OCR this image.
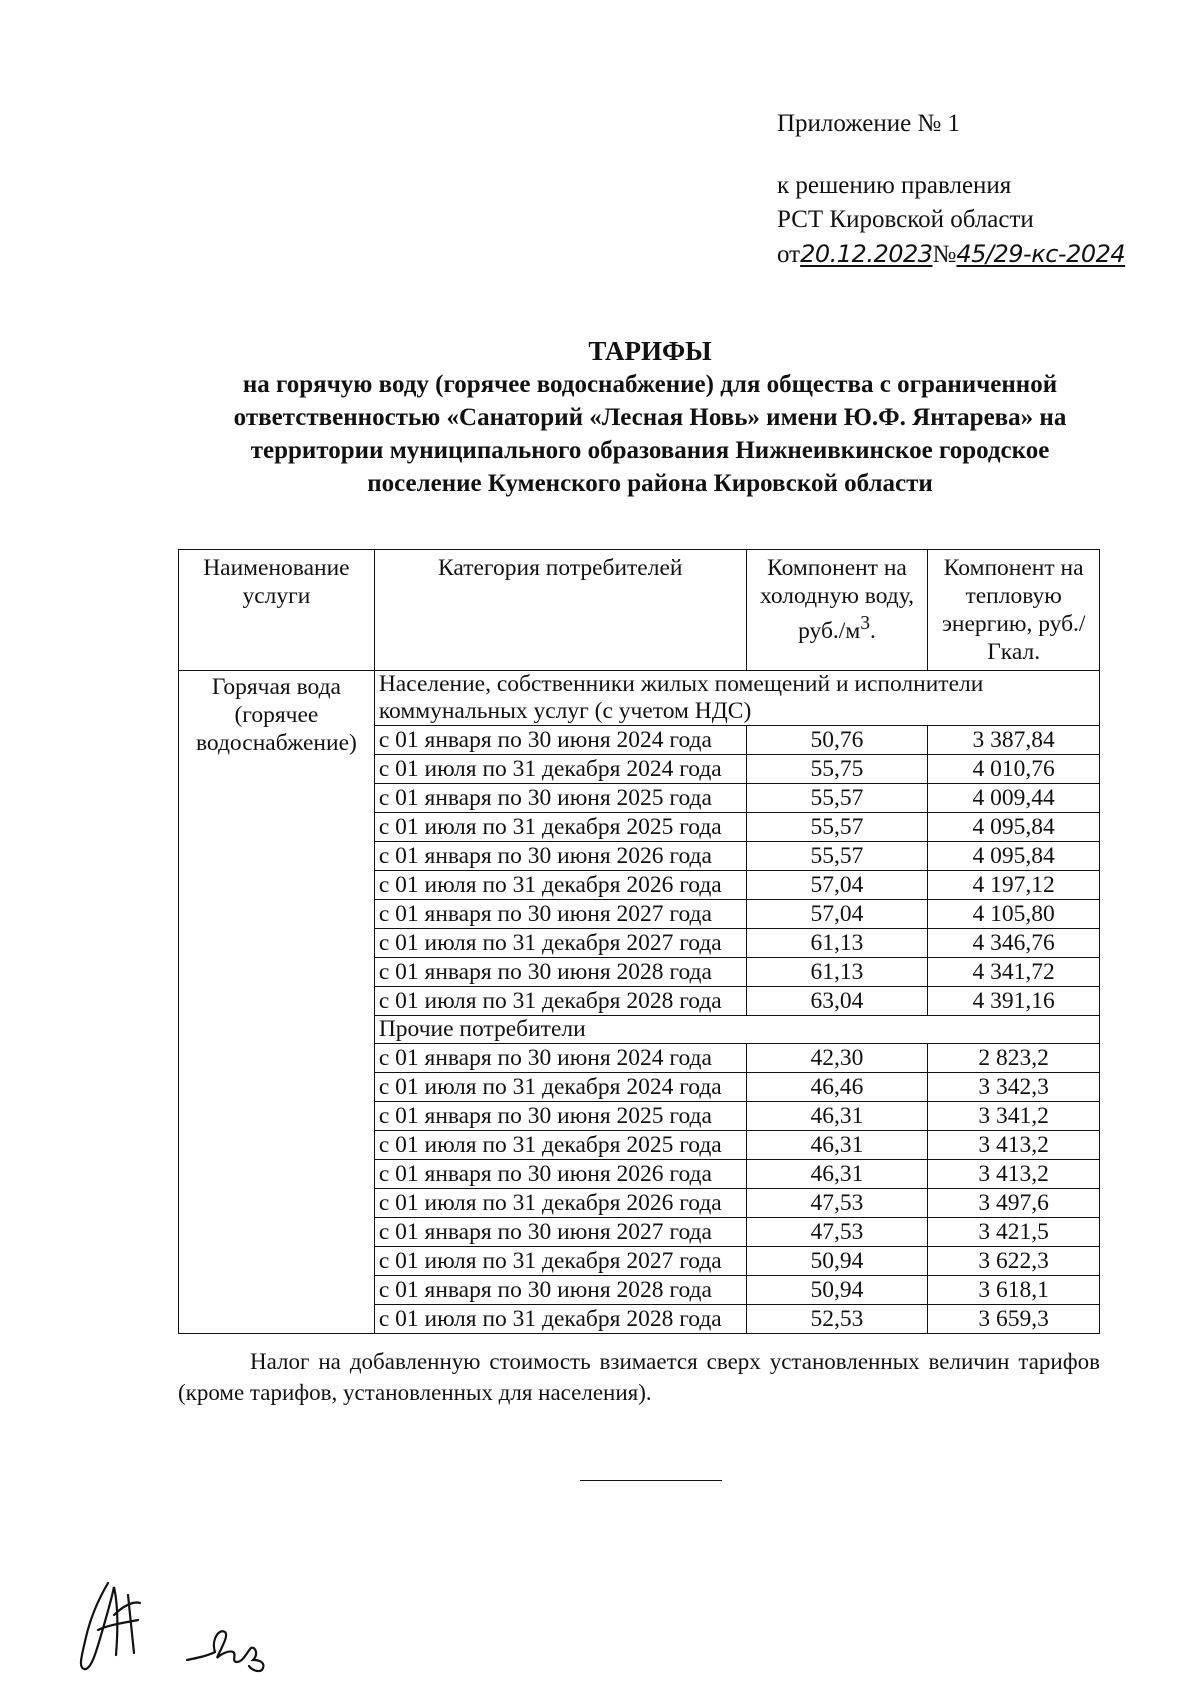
Приложение № 1
к решению правления
РСТ Кировской области
от20.12.2023№45/29-кс-2024
ТАРИФЫ
на горячую воду (горячее водоснабжение) для общества с ограниченной
ответственностью «Санаторий «Лесная Новь» имени Ю.Ф. Янтарева» на
территории муниципального образования Нижнеивкинское городское
поселение Куменского района Кировской области
Наименование услуги	Категория потребителей	Компонент на холодную воду, $руб./м^3$.	Компонент на тепловую энергию, руб./Гкал.
Горячая вода (горячее водоснабжение)	Население, собственники жилых помещений и исполнители коммунальных услуг (с учетом НДС)		
	с 01 января по 30 июня 2024 года	50,76	3 387,84
	с 01 июля по 31 декабря 2024 года	55,75	4 010,76
	с 01 января по 30 июня 2025 года	55,57	4 009,44
	с 01 июля по 31 декабря 2025 года	55,57	4 095,84
	с 01 января по 30 июня 2026 года	55,57	4 095,84
	с 01 июля по 31 декабря 2026 года	57,04	4 197,12
	с 01 января по 30 июня 2027 года	57,04	4 105,80
	с 01 июля по 31 декабря 2027 года	61,13	4 346,76
	с 01 января по 30 июня 2028 года	61,13	4 341,72
	с 01 июля по 31 декабря 2028 года	63,04	4 391,16
	Прочие потребители		
	с 01 января по 30 июня 2024 года	42,30	2 823,2
	с 01 июля по 31 декабря 2024 года	46,46	3 342,3
	с 01 января по 30 июня 2025 года	46,31	3 341,2
	с 01 июля по 31 декабря 2025 года	46,31	3 413,2
	с 01 января по 30 июня 2026 года	46,31	3 413,2
	с 01 июля по 31 декабря 2026 года	47,53	3 497,6
	с 01 января по 30 июня 2027 года	47,53	3 421,5
	с 01 июля по 31 декабря 2027 года	50,94	3 622,3
	с 01 января по 30 июня 2028 года	50,94	3 618,1
	с 01 июля по 31 декабря 2028 года	52,53	3 659,3
Налог на добавленную стоимость взимается сверх установленных величин тарифов (кроме тарифов, установленных для населения).
